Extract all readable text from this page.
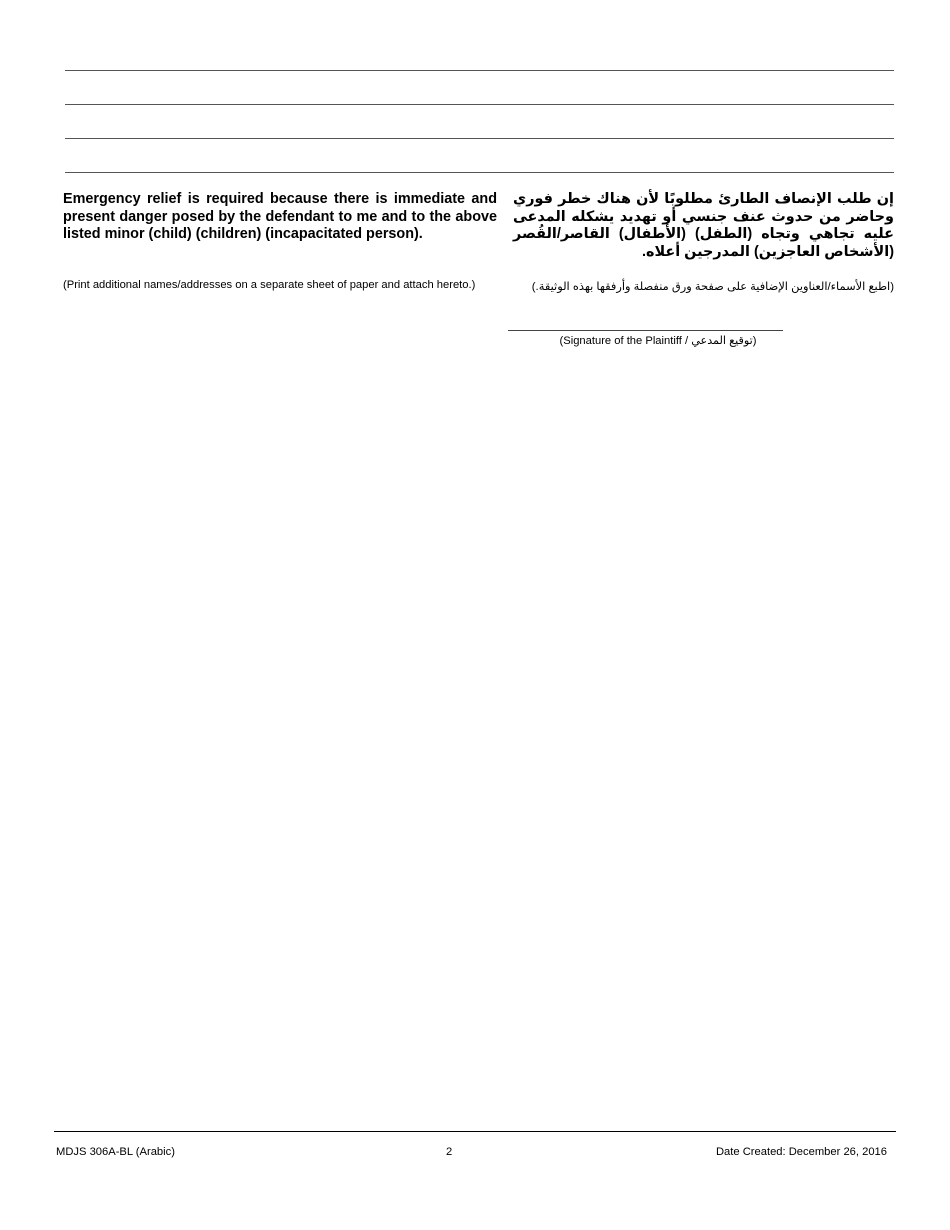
Emergency relief is required because there is immediate and present danger posed by the defendant to me and to the above listed minor (child) (children) (incapacitated person).

إن طلب الإنصاف الطارئ مطلوبًا لأن هناك خطر فوري وحاضر من حدوث عنف جنسي أو تهديد يشكله المدعى عليه تجاهي وتجاه (الطفل) (الأطفال) القاصر/القُصر (الأشخاص العاجزين) المدرجين أعلاه.

(Print additional names/addresses on a separate sheet of paper and attach hereto.)	(اطبع الأسماء/العناوين الإضافية على صفحة ورق منفصلة وأرفقها بهذه الوثيقة.)
(Signature of the Plaintiff / توقيع المدعي)
MDJS 306A-BL (Arabic)	2	Date Created: December 26, 2016
